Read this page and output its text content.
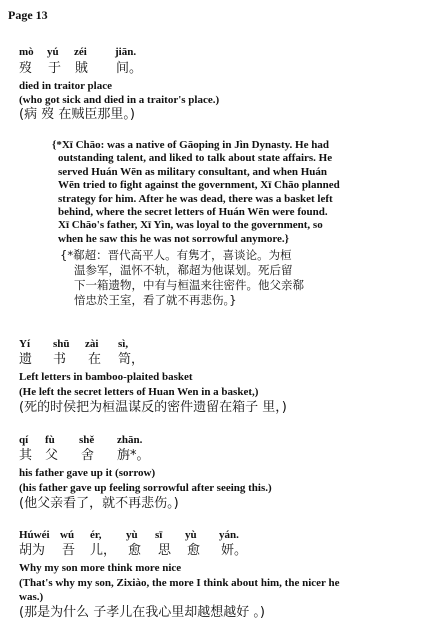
Page 13
mò yú zéi	jiān.
歿 于 賊 间。
died in traitor place
(who got sick and died in a traitor's place.)
(病 歿 在贼臣那里。)
{*Xī Chāo: was a native of Gāoping in Jìn Dynasty. He had
outstanding talent, and liked to talk about state affairs. He
served Huán Wēn as military consultant, and when Huán
Wēn tried to fight against the government, Xī Chāo planned
strategy for him. After he was dead, there was a basket left
behind, where the secret letters of Huán Wēn were found.
Xī Chāo's father, Xī Yìn, was loyal to the government, so
when he saw this he was not sorrowful anymore.}
{*郗超：晋代高平人。有隽才，喜谈论。为桓
温参军，温怀不轨，郗超为他谋划。死后留
下一箱遗物，中有与桓温来往密件。他父亲郗
愔忠於王室，看了就不再悲伤。}
Yí shū zài sì,
遗 书 在 笥，
Left letters in bamboo-plaited basket
(He left the secret letters of Huan Wen in a basket,)
(死的时侯把为桓温谋反的密件遗留在箱子 里，)
qí fù shě zhān.
其 父 舍 旃*。
his father gave up it (sorrow)
(his father gave up feeling sorrowful after seeing this.)
(他父亲看了，就不再悲伤。)
Húwéi wú ér, yù sī yù yán.
胡为 吾 儿， 愈 思 愈 妍。
Why my son more think more nice
(That's why my son, Zixiào, the more I think about him, the nicer he
was.)
(那是为什么 子孝儿在我心里却越想越好 。)
